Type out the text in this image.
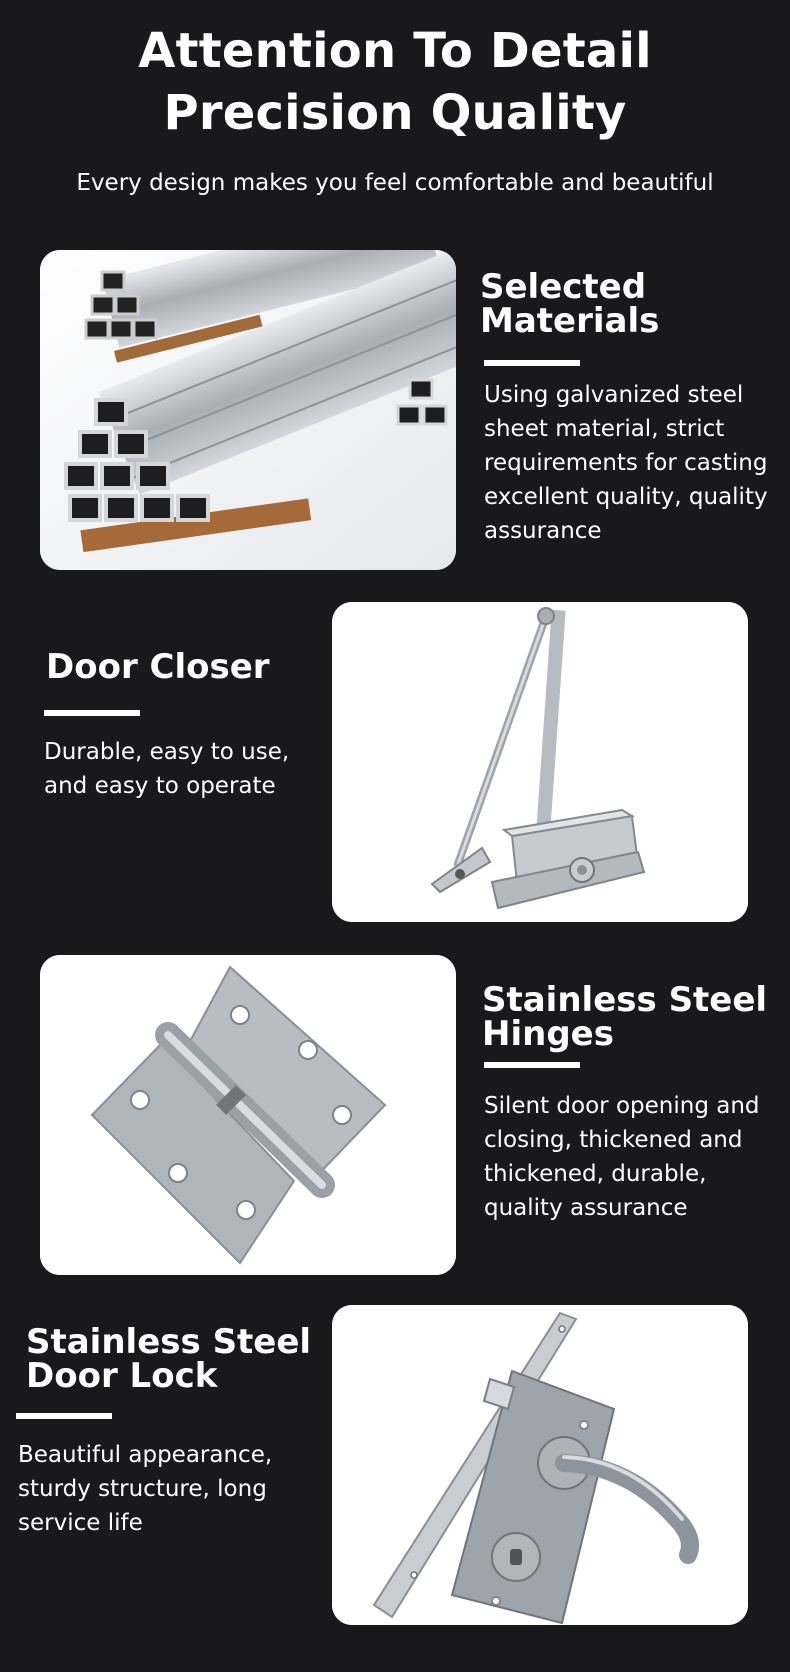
Attention To Detail
Precision Quality
Every design makes you feel comfortable and beautiful
Selected
Materials
Using galvanized steel
sheet material, strict
requirements for casting
excellent quality, quality
assurance
Door Closer
Durable, easy to use,
and easy to operate
Stainless Steel
Hinges
Silent door opening and
closing, thickened and
thickened, durable,
quality assurance
Stainless Steel
Door Lock
Beautiful appearance,
sturdy structure, long
service life
